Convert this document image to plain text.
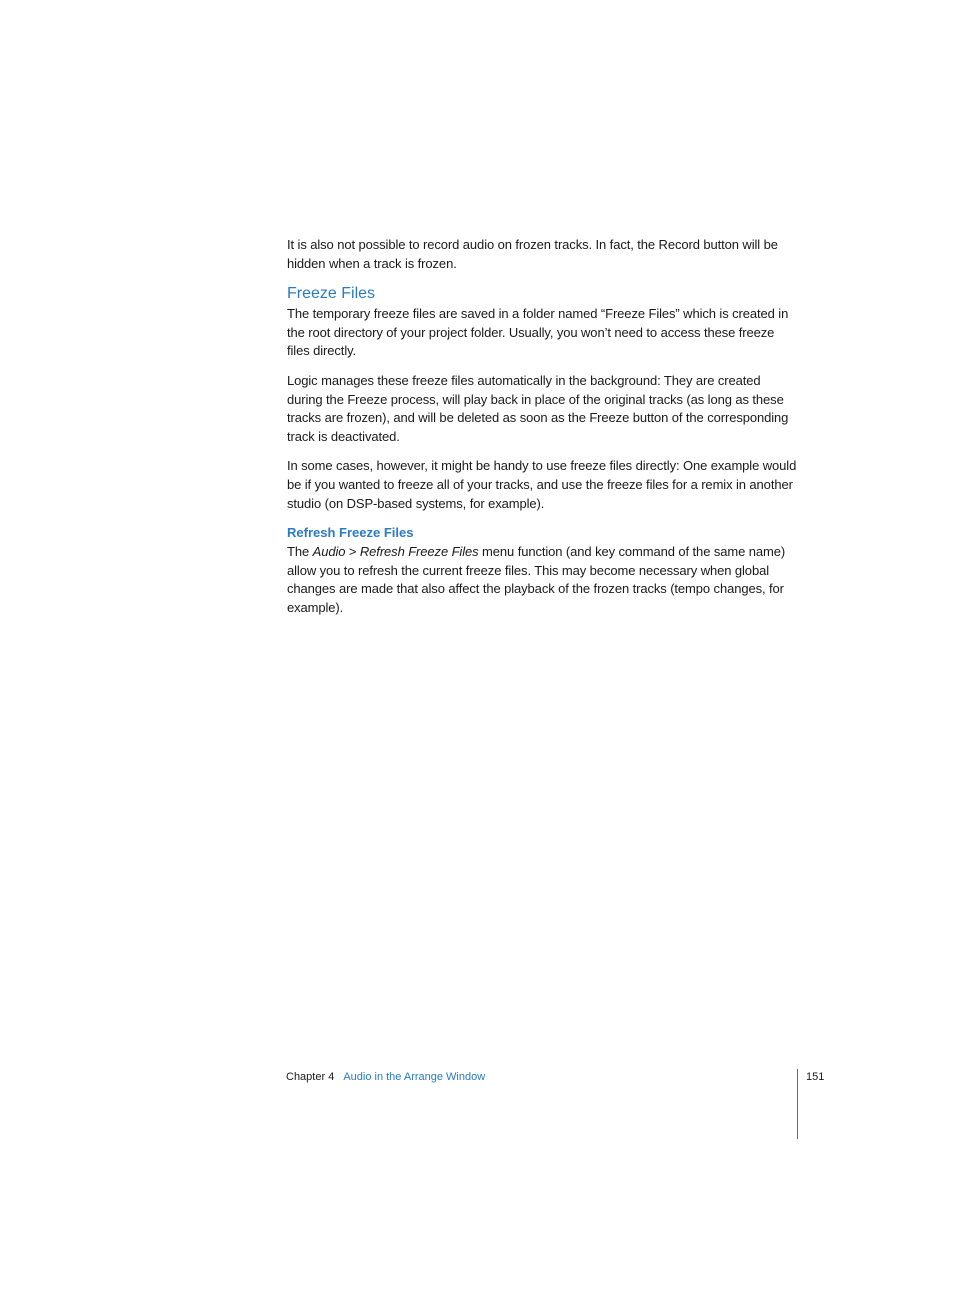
It is also not possible to record audio on frozen tracks. In fact, the Record button will be hidden when a track is frozen.

Freeze Files

The temporary freeze files are saved in a folder named “Freeze Files” which is created in the root directory of your project folder. Usually, you won’t need to access these freeze files directly.

Logic manages these freeze files automatically in the background: They are created during the Freeze process, will play back in place of the original tracks (as long as these tracks are frozen), and will be deleted as soon as the Freeze button of the corresponding track is deactivated.

In some cases, however, it might be handy to use freeze files directly: One example would be if you wanted to freeze all of your tracks, and use the freeze files for a remix in another studio (on DSP-based systems, for example).

Refresh Freeze Files

The Audio > Refresh Freeze Files menu function (and key command of the same name) allow you to refresh the current freeze files. This may become necessary when global changes are made that also affect the playback of the frozen tracks (tempo changes, for example).

Chapter 4 Audio in the Arrange Window	151
